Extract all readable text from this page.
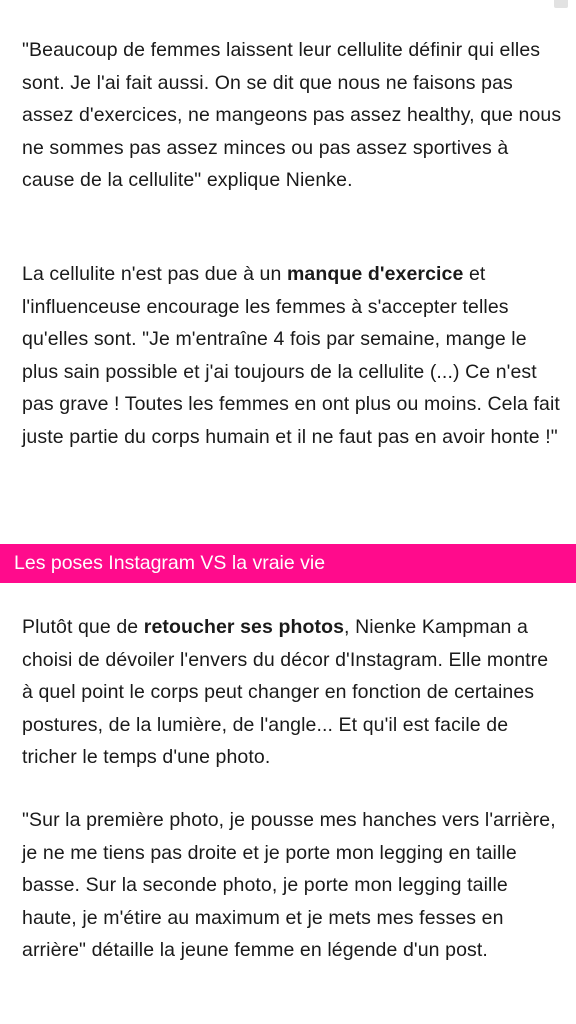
"Beaucoup de femmes laissent leur cellulite définir qui elles sont. Je l'ai fait aussi. On se dit que nous ne faisons pas assez d'exercices, ne mangeons pas assez healthy, que nous ne sommes pas assez minces ou pas assez sportives à cause de la cellulite" explique Nienke.

La cellulite n'est pas due à un manque d'exercice et l'influenceuse encourage les femmes à s'accepter telles qu'elles sont. "Je m'entraîne 4 fois par semaine, mange le plus sain possible et j'ai toujours de la cellulite (...) Ce n'est pas grave ! Toutes les femmes en ont plus ou moins. Cela fait juste partie du corps humain et il ne faut pas en avoir honte !"

Les poses Instagram VS la vraie vie

Plutôt que de retoucher ses photos, Nienke Kampman a choisi de dévoiler l'envers du décor d'Instagram. Elle montre à quel point le corps peut changer en fonction de certaines postures, de la lumière, de l'angle... Et qu'il est facile de tricher le temps d'une photo.

"Sur la première photo, je pousse mes hanches vers l'arrière, je ne me tiens pas droite et je porte mon legging en taille basse. Sur la seconde photo, je porte mon legging taille haute, je m'étire au maximum et je mets mes fesses en arrière" détaille la jeune femme en légende d'un post.
